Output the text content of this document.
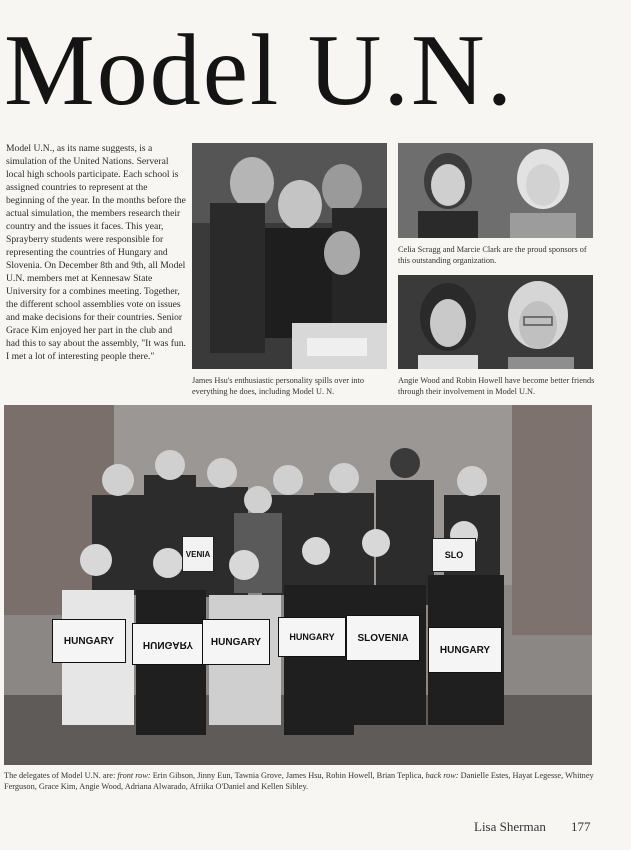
Model U.N.
Model U.N., as its name suggests, is a simulation of the United Nations. Serveral local high schools participate. Each school is assigned countries to represent at the beginning of the year. In the months before the actual simulation, the members research their country and the issues it faces. This year, Sprayberry students were responsible for representing the countries of Hungary and Slovenia. On December 8th and 9th, all Model U.N. members met at Kennesaw State University for a combines meeting. Together, the different school assemblies vote on issues and make decisions for their countries. Senior Grace Kim enjoyed her part in the club and had this to say about the assembly, "It was fun. I met a lot of interesting people there."
James Hsu's enthusiastic personality spills over into everything he does, including Model U. N.
Celia Scragg and Marcie Clark are the proud sponsors of this outstanding organization.
Angie Wood and Robin Howell have become better friends through their involvement in Model U.N.
VENIA	SLO
HUNGARY	HUNGARY HUNGARY	HUNGARY SLOVENIA
HUNGARY
The delegates of Model U.N. are: front row: Erin Gibson, Jinny Eun, Tawnia Grove, James Hsu, Robin Howell, Brian Teplica, back row: Danielle Estes, Hayat Legesse, Whitney Ferguson, Grace Kim, Angie Wood, Adriana Alwarado, Afriika O'Daniel and Kellen Sibley.
Lisa Sherman 177
